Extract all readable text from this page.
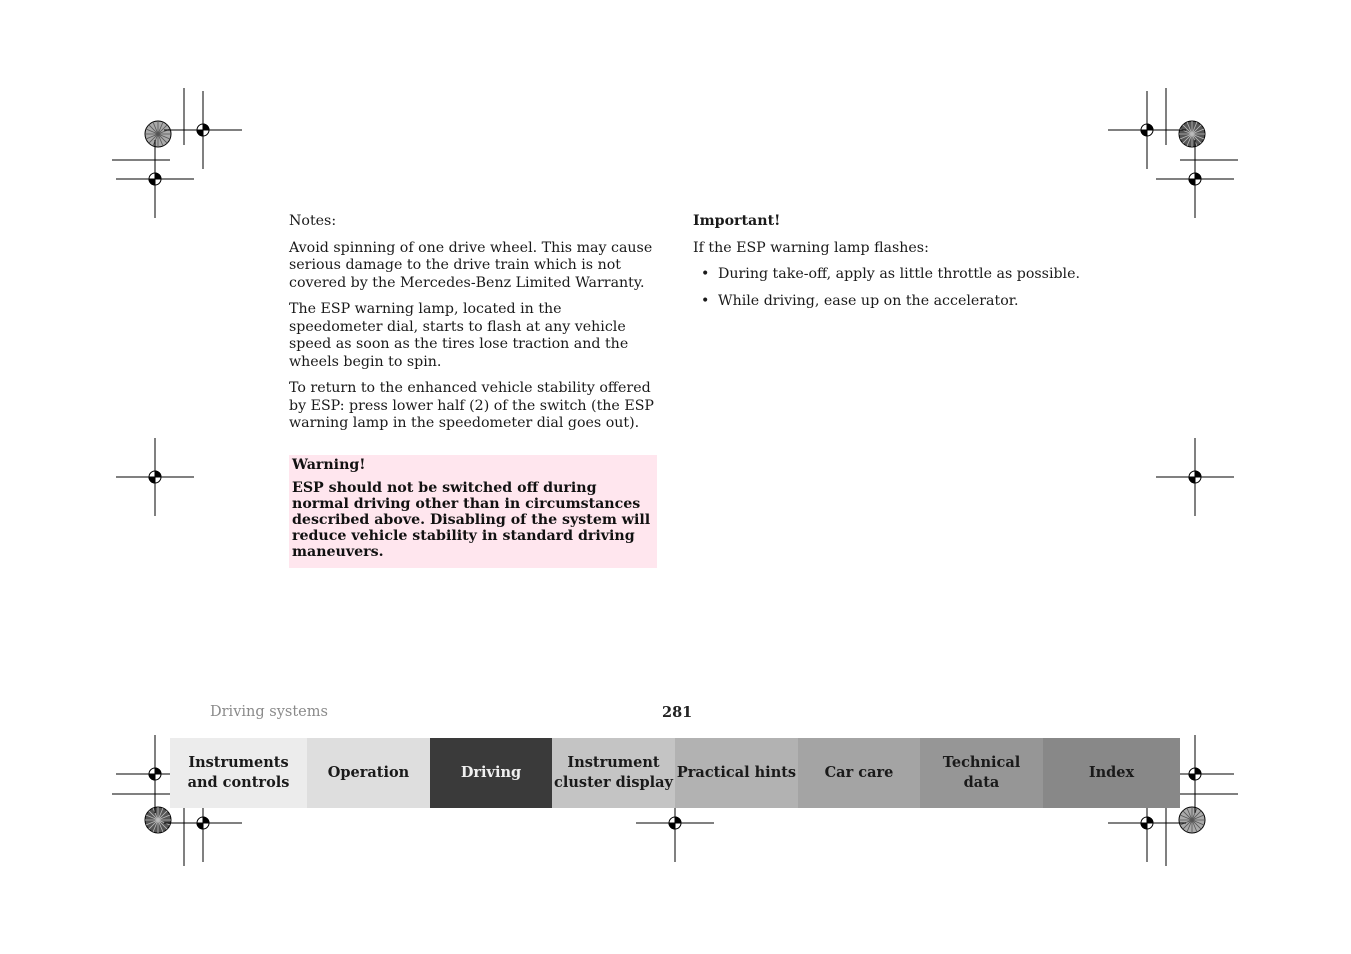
Notes:

Avoid spinning of one drive wheel. This may cause serious damage to the drive train which is not covered by the Mercedes-Benz Limited Warranty.

The ESP warning lamp, located in the speedometer dial, starts to flash at any vehicle speed as soon as the tires lose traction and the wheels begin to spin.

To return to the enhanced vehicle stability offered by ESP: press lower half (2) of the switch (the ESP warning lamp in the speedometer dial goes out).

Warning!

ESP should not be switched off during normal driving other than in circumstances described above. Disabling of the system will reduce vehicle stability in standard driving maneuvers.

Important!

If the ESP warning lamp flashes:

• During take-off, apply as little throttle as possible.
• While driving, ease up on the accelerator.
Driving systems	281
Instruments
and controls
Operation	Driving
Instrument
cluster display
Practical hints Car care
Technical
data
Index
